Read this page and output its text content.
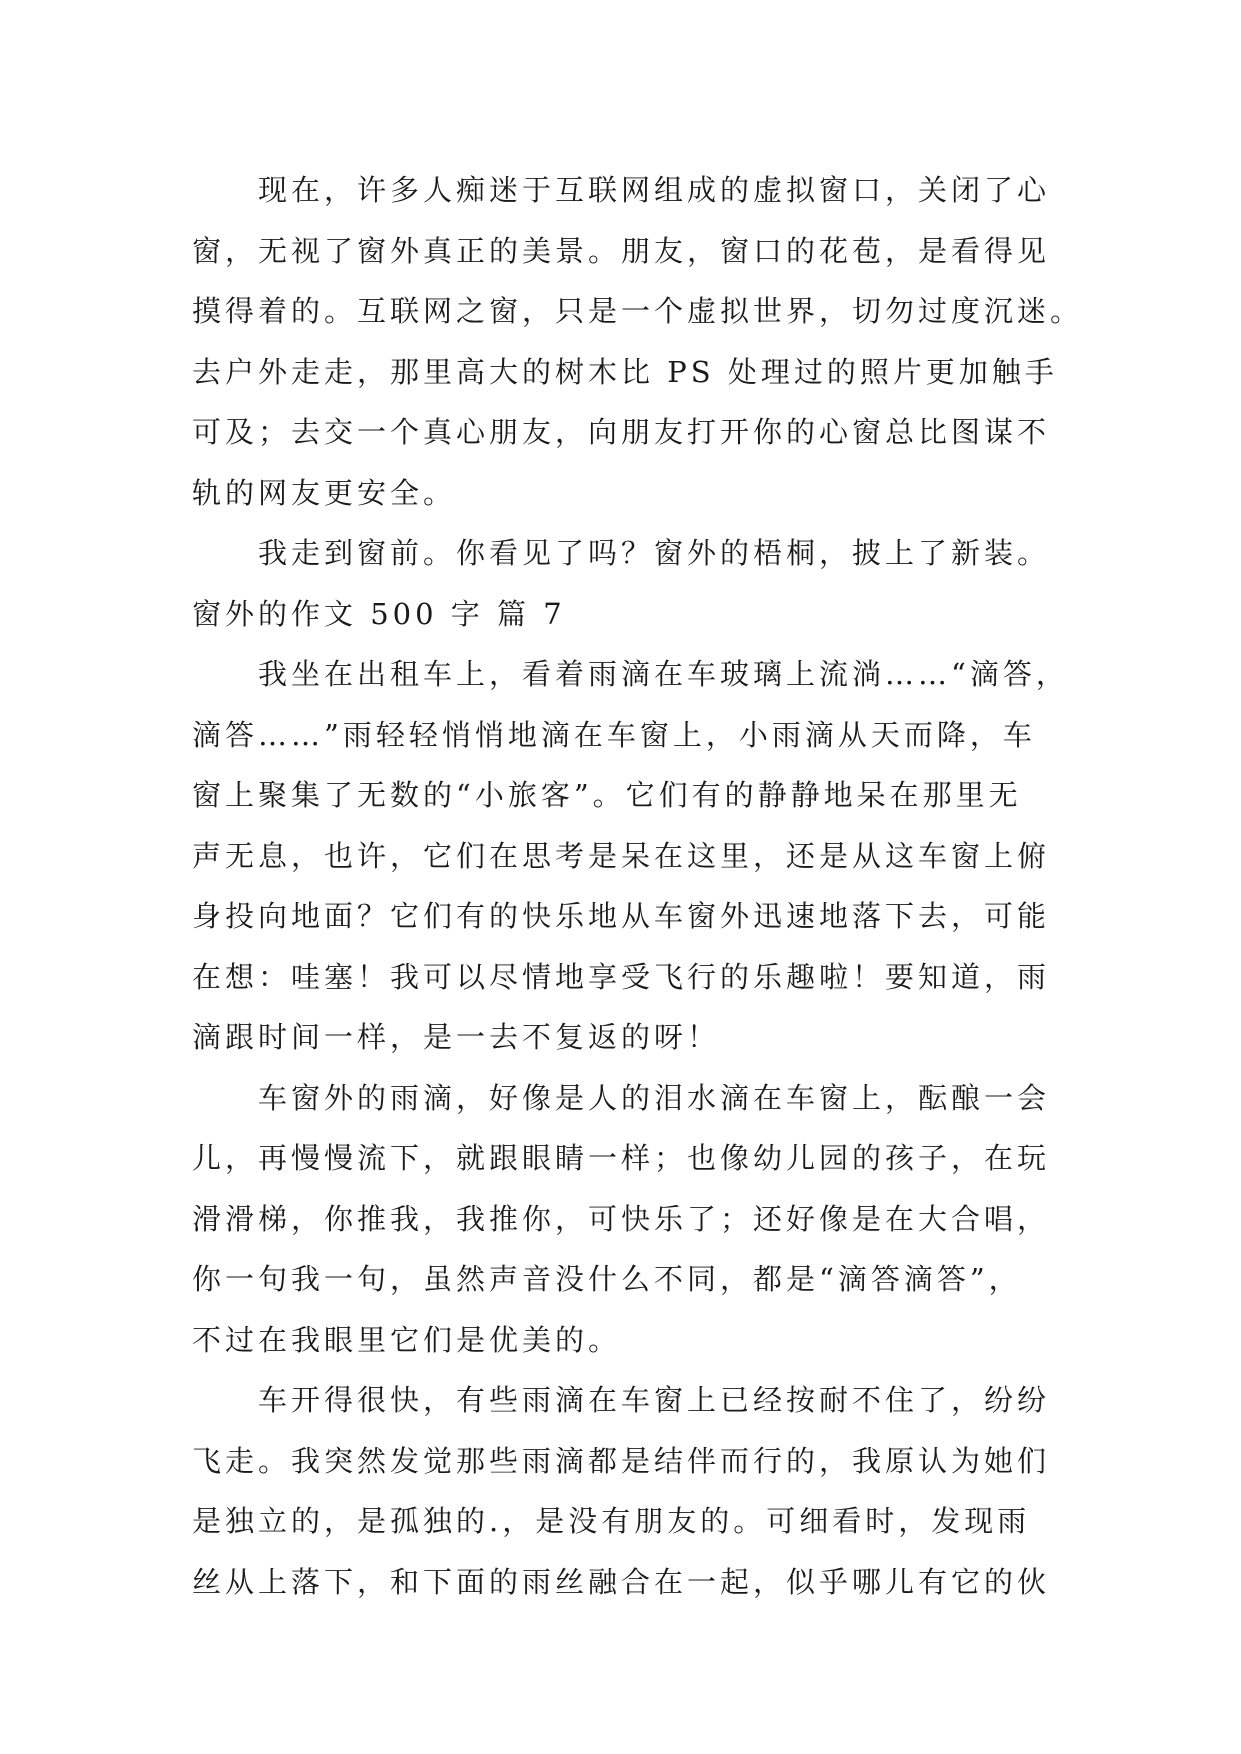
现在，许多人痴迷于互联网组成的虚拟窗口，关闭了心
窗，无视了窗外真正的美景。朋友，窗口的花苞，是看得见
摸得着的。互联网之窗，只是一个虚拟世界，切勿过度沉迷。
去户外走走，那里高大的树木比 PS 处理过的照片更加触手
可及；去交一个真心朋友，向朋友打开你的心窗总比图谋不
轨的网友更安全。
我走到窗前。你看见了吗？窗外的梧桐，披上了新装。
窗外的作文 500 字 篇 7
我坐在出租车上，看着雨滴在车玻璃上流淌……“滴答，
滴答……”雨轻轻悄悄地滴在车窗上，小雨滴从天而降，车
窗上聚集了无数的“小旅客”。它们有的静静地呆在那里无
声无息，也许，它们在思考是呆在这里，还是从这车窗上俯
身投向地面？它们有的快乐地从车窗外迅速地落下去，可能
在想：哇塞！我可以尽情地享受飞行的乐趣啦！要知道，雨
滴跟时间一样，是一去不复返的呀！
车窗外的雨滴，好像是人的泪水滴在车窗上，酝酿一会
儿，再慢慢流下，就跟眼睛一样；也像幼儿园的孩子，在玩
滑滑梯，你推我，我推你，可快乐了；还好像是在大合唱，
你一句我一句，虽然声音没什么不同，都是“滴答滴答”，
不过在我眼里它们是优美的。
车开得很快，有些雨滴在车窗上已经按耐不住了，纷纷
飞走。我突然发觉那些雨滴都是结伴而行的，我原认为她们
是独立的，是孤独的.，是没有朋友的。可细看时，发现雨
丝从上落下，和下面的雨丝融合在一起，似乎哪儿有它的伙
